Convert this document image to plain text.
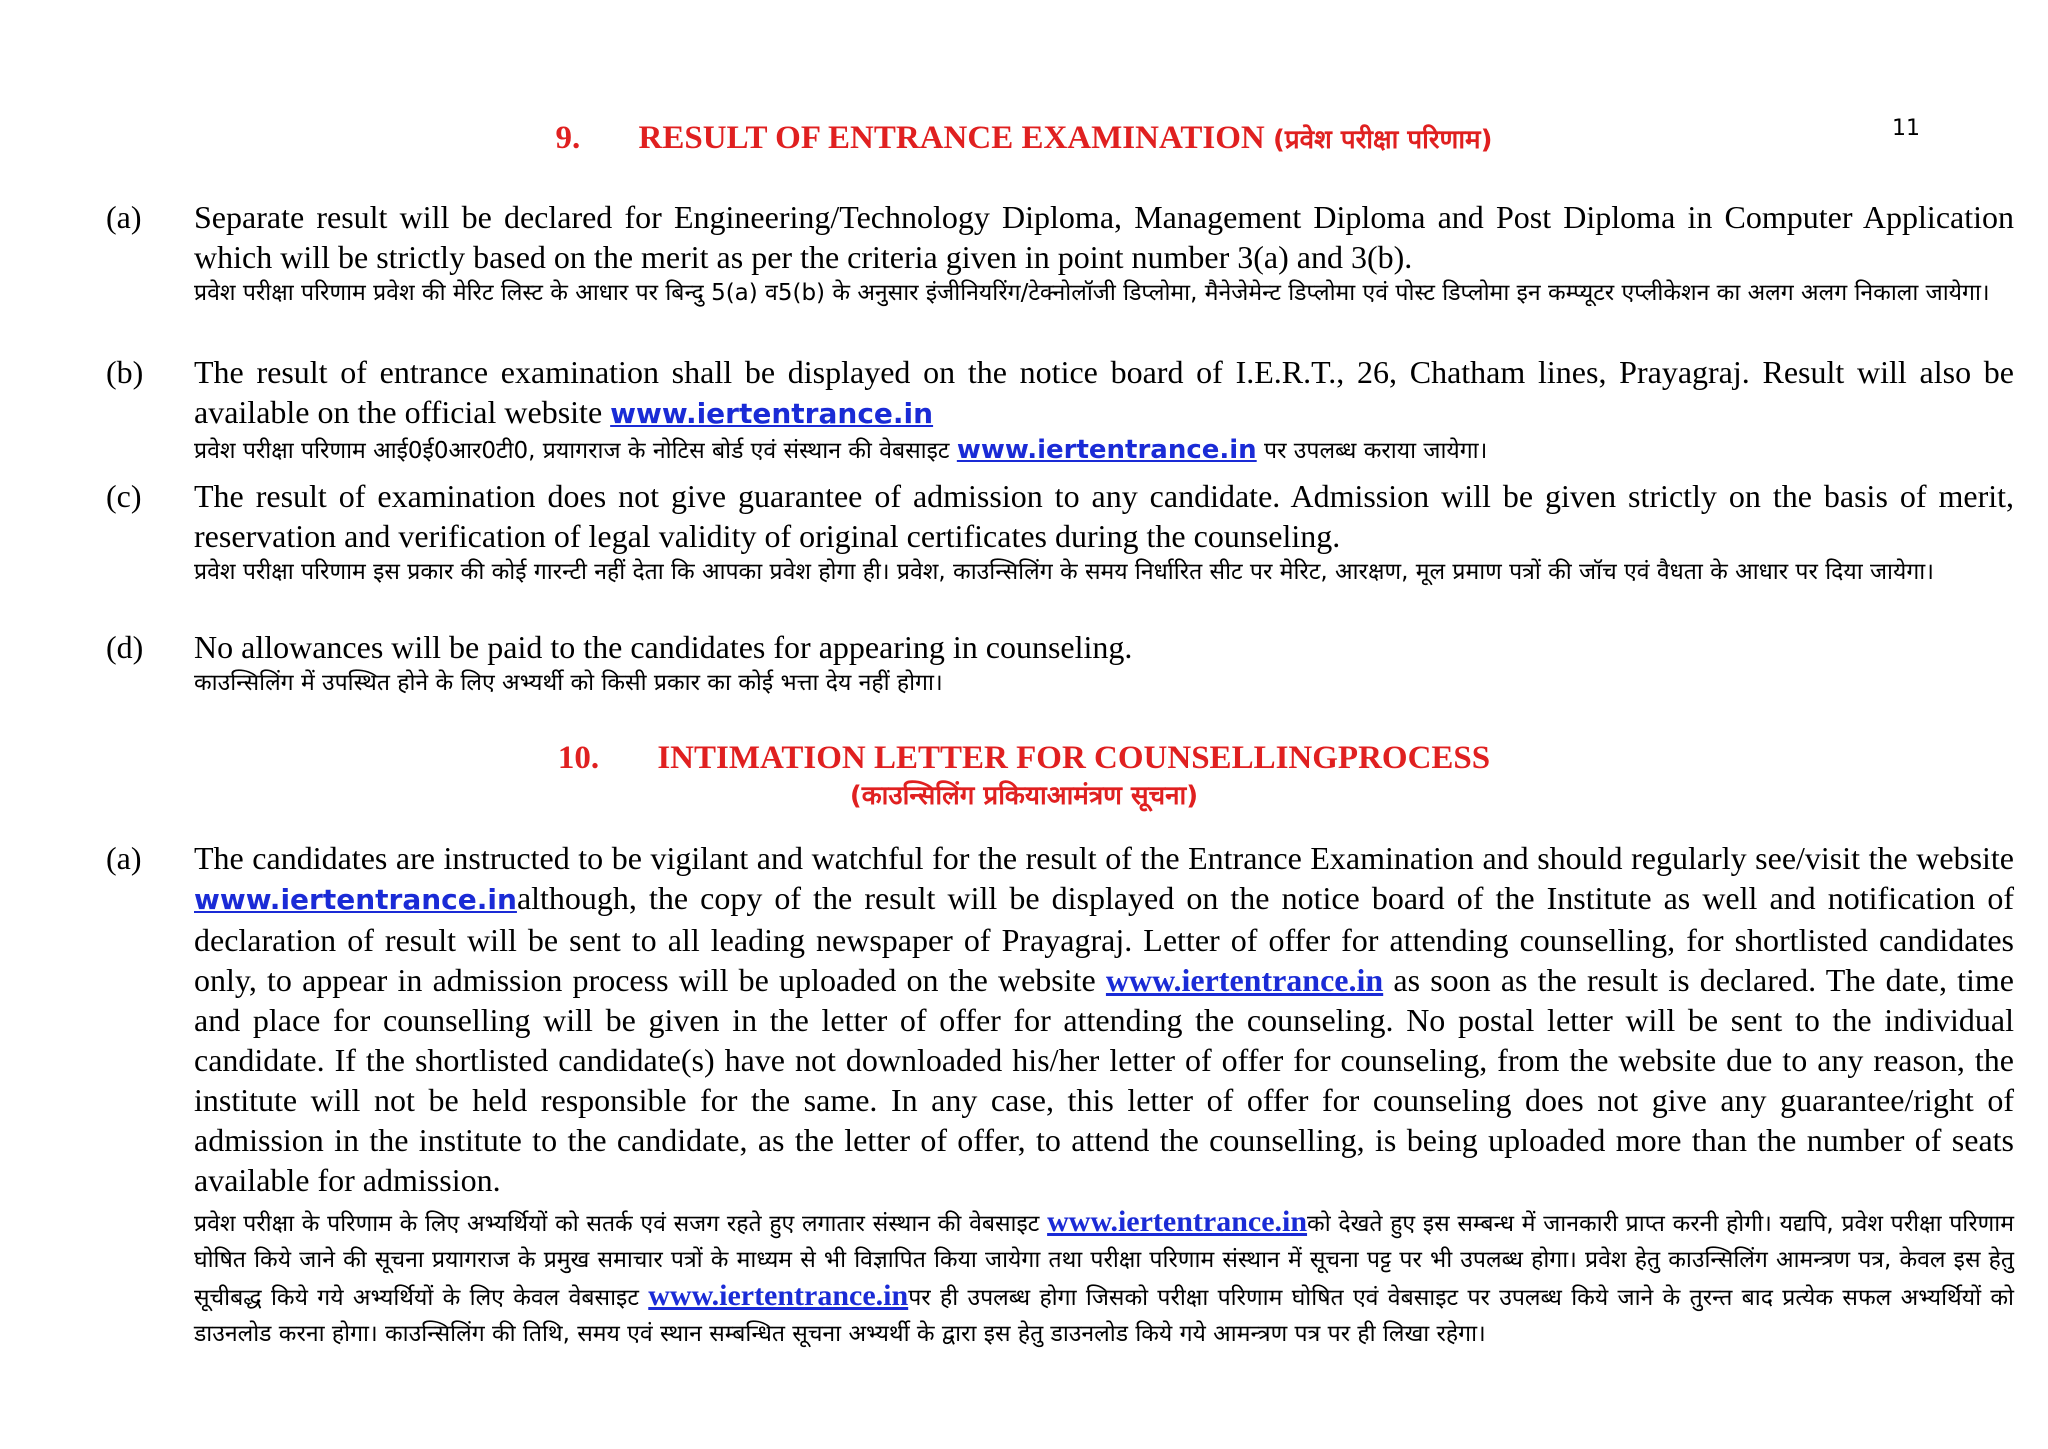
11
9. RESULT OF ENTRANCE EXAMINATION (प्रवेश परीक्षा परिणाम)
(a) Separate result will be declared for Engineering/Technology Diploma, Management Diploma and Post Diploma in Computer Application which will be strictly based on the merit as per the criteria given in point number 3(a) and 3(b).
प्रवेश परीक्षा परिणाम प्रवेश की मेरिट लिस्ट के आधार पर बिन्दु 5(a) व5(b) के अनुसार इंजीनियरिंग/टेक्नोलॉजी डिप्लोमा, मैनेजेमेन्ट डिप्लोमा एवं पोस्ट डिप्लोमा इन कम्प्यूटर एप्लीकेशन का अलग अलग निकाला जायेगा।
(b) The result of entrance examination shall be displayed on the notice board of I.E.R.T., 26, Chatham lines, Prayagraj. Result will also be available on the official website www.iertentrance.in
प्रवेश परीक्षा परिणाम आई0ई0आर0टी0, प्रयागराज के नोटिस बोर्ड एवं संस्थान की वेबसाइट www.iertentrance.in पर उपलब्ध कराया जायेगा।
(c) The result of examination does not give guarantee of admission to any candidate. Admission will be given strictly on the basis of merit, reservation and verification of legal validity of original certificates during the counseling.
प्रवेश परीक्षा परिणाम इस प्रकार की कोई गारन्टी नहीं देता कि आपका प्रवेश होगा ही। प्रवेश, काउन्सिलिंग के समय निर्धारित सीट पर मेरिट, आरक्षण, मूल प्रमाण पत्रों की जॉच एवं वैधता के आधार पर दिया जायेगा।
(d) No allowances will be paid to the candidates for appearing in counseling.
काउन्सिलिंग में उपस्थित होने के लिए अभ्यर्थी को किसी प्रकार का कोई भत्ता देय नहीं होगा।
10. INTIMATION LETTER FOR COUNSELLINGPROCESS
(काउन्सिलिंग प्रकियाआमंत्रण सूचना)
(a) The candidates are instructed to be vigilant and watchful for the result of the Entrance Examination and should regularly see/visit the website www.iertentrance.inalthough, the copy of the result will be displayed on the notice board of the Institute as well and notification of declaration of result will be sent to all leading newspaper of Prayagraj. Letter of offer for attending counselling, for shortlisted candidates only, to appear in admission process will be uploaded on the website www.iertentrance.in as soon as the result is declared. The date, time and place for counselling will be given in the letter of offer for attending the counseling. No postal letter will be sent to the individual candidate. If the shortlisted candidate(s) have not downloaded his/her letter of offer for counseling, from the website due to any reason, the institute will not be held responsible for the same. In any case, this letter of offer for counseling does not give any guarantee/right of admission in the institute to the candidate, as the letter of offer, to attend the counselling, is being uploaded more than the number of seats available for admission.
प्रवेश परीक्षा के परिणाम के लिए अभ्यर्थियों को सतर्क एवं सजग रहते हुए लगातार संस्थान की वेबसाइट www.iertentrance.inको देखते हुए इस सम्बन्ध में जानकारी प्राप्त करनी होगी। यद्यपि, प्रवेश परीक्षा परिणाम घोषित किये जाने की सूचना प्रयागराज के प्रमुख समाचार पत्रों के माध्यम से भी विज्ञापित किया जायेगा तथा परीक्षा परिणाम संस्थान में सूचना पट्ट पर भी उपलब्ध होगा। प्रवेश हेतु काउन्सिलिंग आमन्त्रण पत्र, केवल इस हेतु सूचीबद्ध किये गये अभ्यर्थियों के लिए केवल वेबसाइट www.iertentrance.inपर ही उपलब्ध होगा जिसको परीक्षा परिणाम घोषित एवं वेबसाइट पर उपलब्ध किये जाने के तुरन्त बाद प्रत्येक सफल अभ्यर्थियों को डाउनलोड करना होगा। काउन्सिलिंग की तिथि, समय एवं स्थान सम्बन्धित सूचना अभ्यर्थी के द्वारा इस हेतु डाउनलोड किये गये आमन्त्रण पत्र पर ही लिखा रहेगा।
